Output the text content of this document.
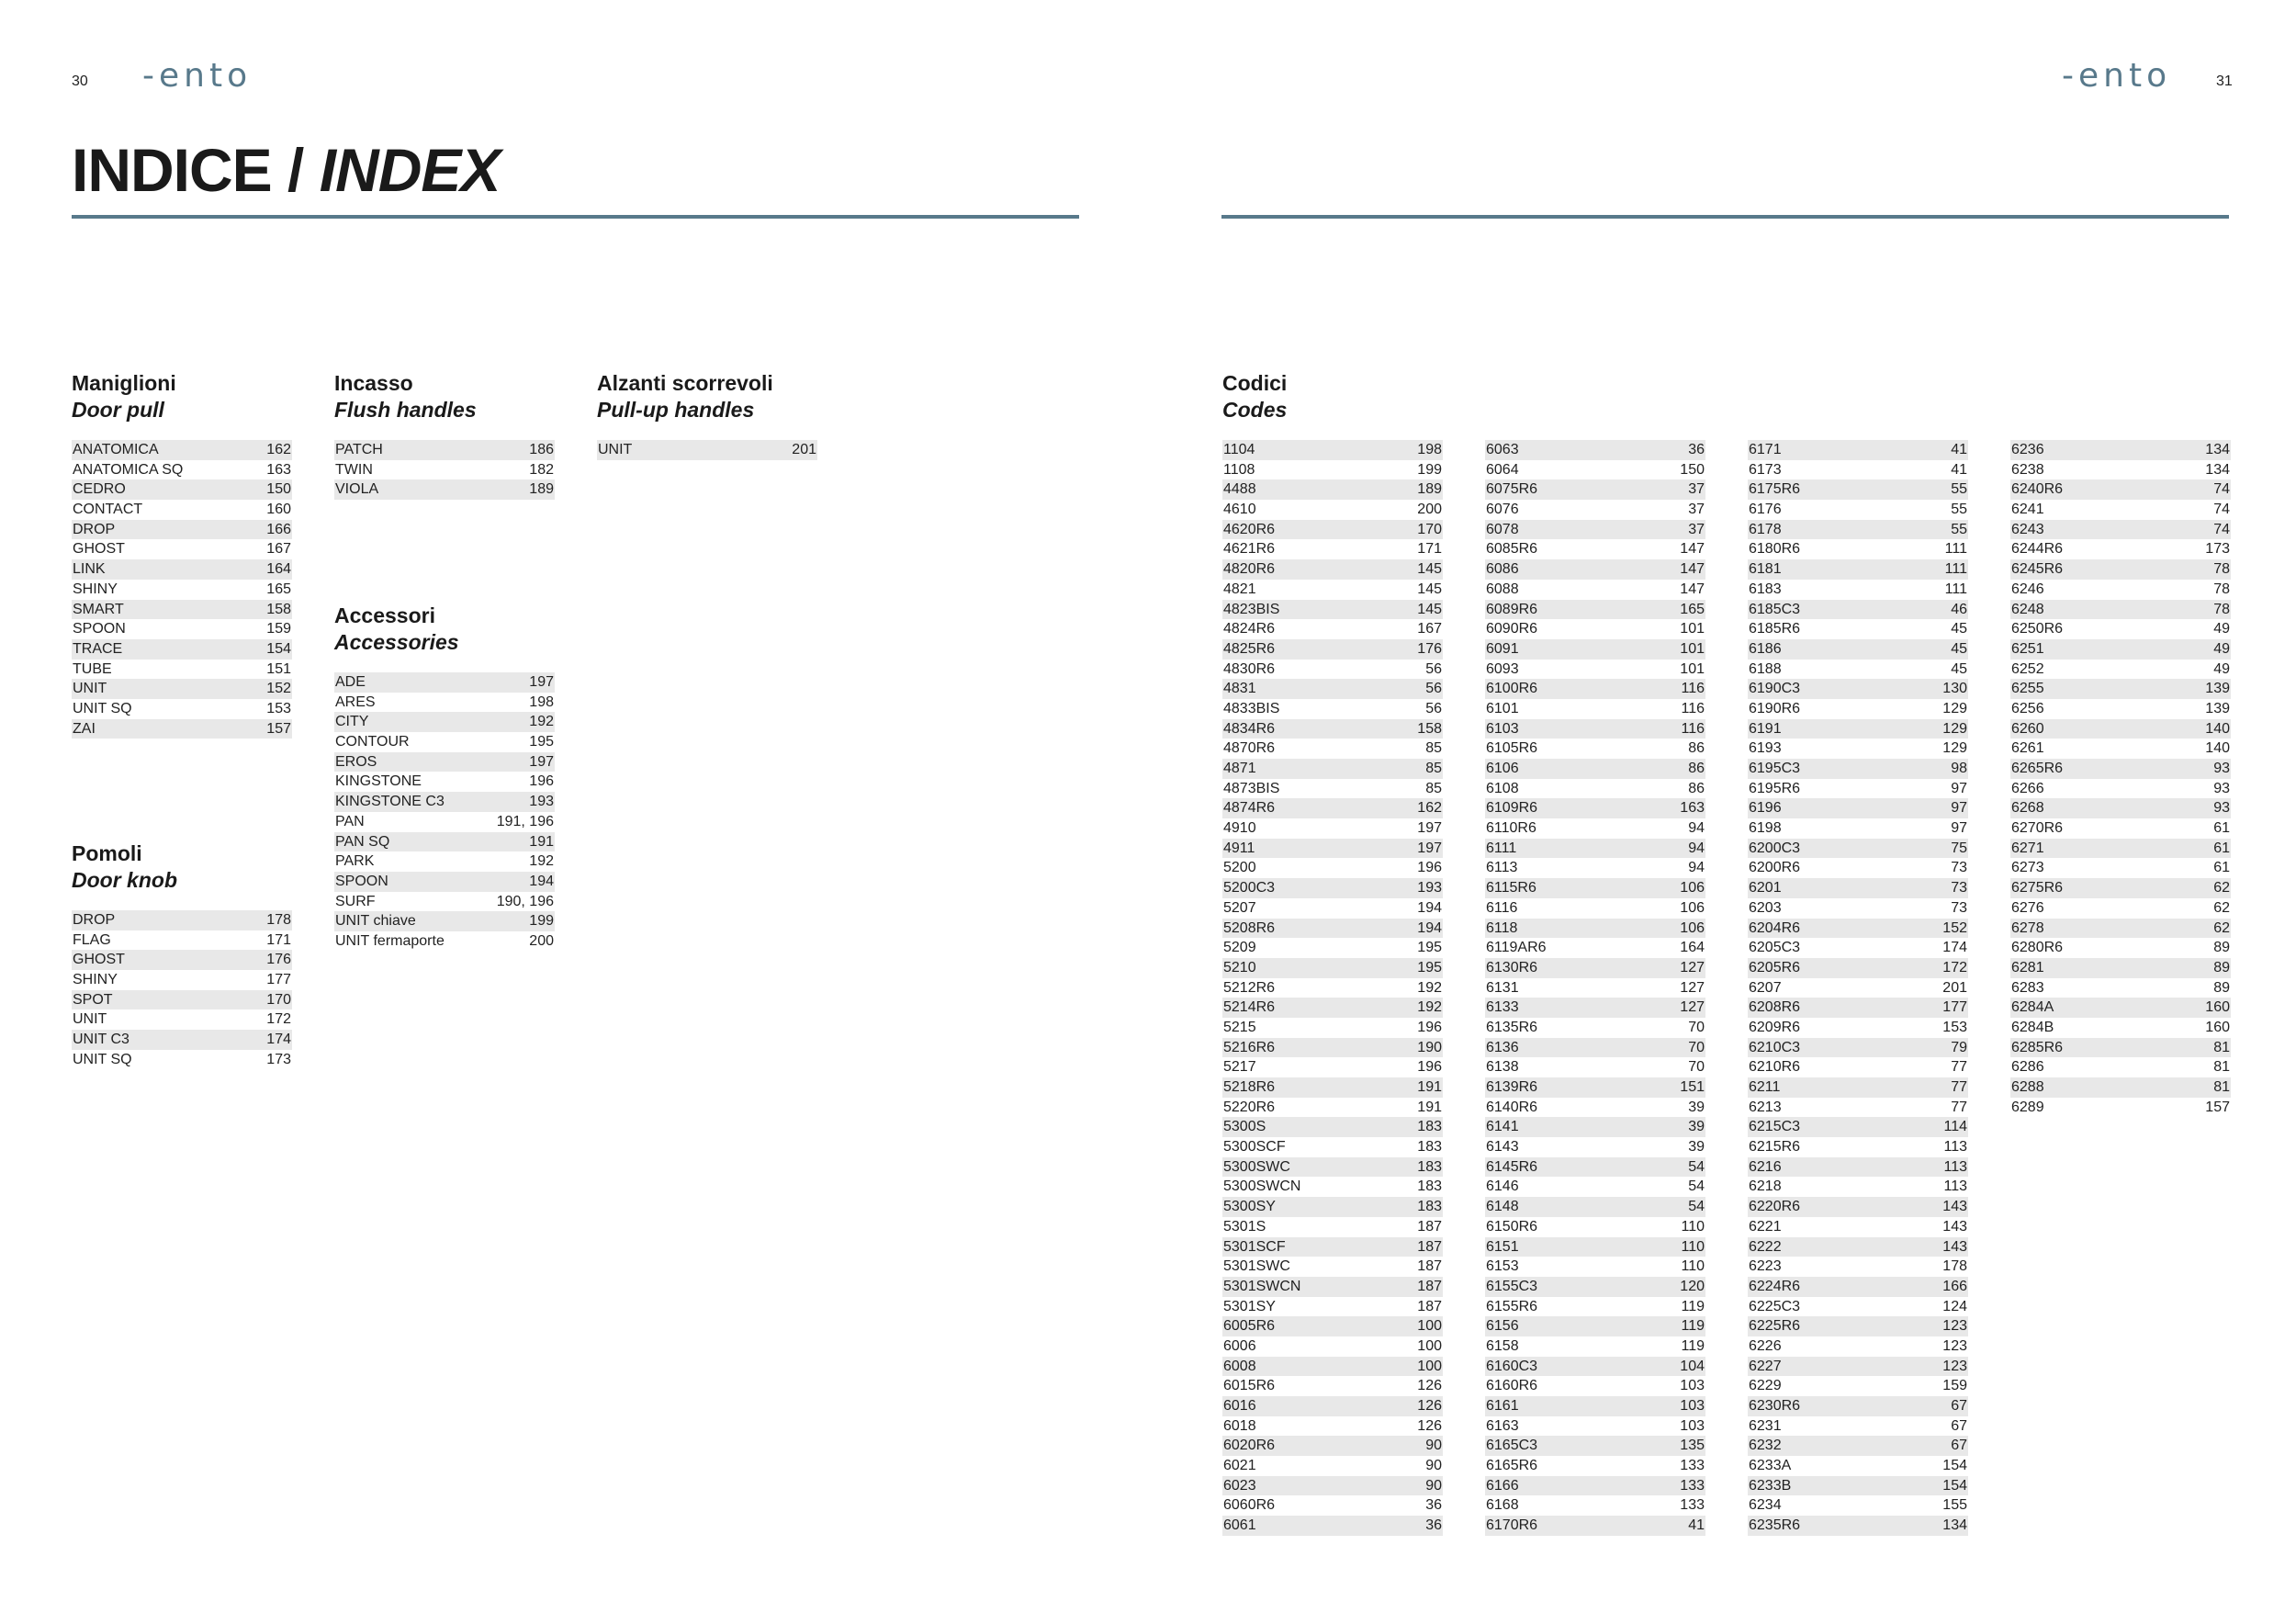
30 -ento	-ento	31
INDICE / INDEX
Maniglioni
Door pull
ANATOMICA	162
ANATOMICA SQ	163
CEDRO	150
CONTACT	160
DROP	166
GHOST	167
LINK	164
SHINY	165
SMART	158
SPOON	159
TRACE	154
TUBE	151
UNIT	152
UNIT SQ	153
ZAI	157
Pomoli
Door knob
DROP	178
FLAG	171
GHOST	176
SHINY	177
SPOT	170
UNIT	172
UNIT C3	174
UNIT SQ	173
Incasso
Flush handles
PATCH	186
TWIN	182
VIOLA	189
Accessori
Accessories
ADE	197
ARES	198
CITY	192
CONTOUR	195
EROS	197
KINGSTONE	196
KINGSTONE C3	193
PAN	191, 196
PAN SQ	191
PARK	192
SPOON	194
SURF	190, 196
UNIT chiave	199
UNIT fermaporte	200
Alzanti scorrevoli
Pull-up handles
UNIT	201
Codici
Codes
1104	198
1108	199
4488	189
4610	200
4620R6	170
4621R6	171
4820R6	145
4821	145
4823BIS	145
4824R6	167
4825R6	176
4830R6	56
4831	56
4833BIS	56
4834R6	158
4870R6	85
4871	85
4873BIS	85
4874R6	162
4910	197
4911	197
5200	196
5200C3	193
5207	194
5208R6	194
5209	195
5210	195
5212R6	192
5214R6	192
5215	196
5216R6	190
5217	196
5218R6	191
5220R6	191
5300S	183
5300SCF	183
5300SWC	183
5300SWCN	183
5300SY	183
5301S	187
5301SCF	187
5301SWC	187
5301SWCN	187
5301SY	187
6005R6	100
6006	100
6008	100
6015R6	126
6016	126
6018	126
6020R6	90
6021	90
6023	90
6060R6	36
6061	36
6063	36
6064	150
6075R6	37
6076	37
6078	37
6085R6	147
6086	147
6088	147
6089R6	165
6090R6	101
6091	101
6093	101
6100R6	116
6101	116
6103	116
6105R6	86
6106	86
6108	86
6109R6	163
6110R6	94
6111	94
6113	94
6115R6	106
6116	106
6118	106
6119AR6	164
6130R6	127
6131	127
6133	127
6135R6	70
6136	70
6138	70
6139R6	151
6140R6	39
6141	39
6143	39
6145R6	54
6146	54
6148	54
6150R6	110
6151	110
6153	110
6155C3	120
6155R6	119
6156	119
6158	119
6160C3	104
6160R6	103
6161	103
6163	103
6165C3	135
6165R6	133
6166	133
6168	133
6170R6	41
6171	41
6173	41
6175R6	55
6176	55
6178	55
6180R6	111
6181	111
6183	111
6185C3	46
6185R6	45
6186	45
6188	45
6190C3	130
6190R6	129
6191	129
6193	129
6195C3	98
6195R6	97
6196	97
6198	97
6200C3	75
6200R6	73
6201	73
6203	73
6204R6	152
6205C3	174
6205R6	172
6207	201
6208R6	177
6209R6	153
6210C3	79
6210R6	77
6211	77
6213	77
6215C3	114
6215R6	113
6216	113
6218	113
6220R6	143
6221	143
6222	143
6223	178
6224R6	166
6225C3	124
6225R6	123
6226	123
6227	123
6229	159
6230R6	67
6231	67
6232	67
6233A	154
6233B	154
6234	155
6235R6	134
6236	134
6238	134
6240R6	74
6241	74
6243	74
6244R6	173
6245R6	78
6246	78
6248	78
6250R6	49
6251	49
6252	49
6255	139
6256	139
6260	140
6261	140
6265R6	93
6266	93
6268	93
6270R6	61
6271	61
6273	61
6275R6	62
6276	62
6278	62
6280R6	89
6281	89
6283	89
6284A	160
6284B	160
6285R6	81
6286	81
6288	81
6289	157
